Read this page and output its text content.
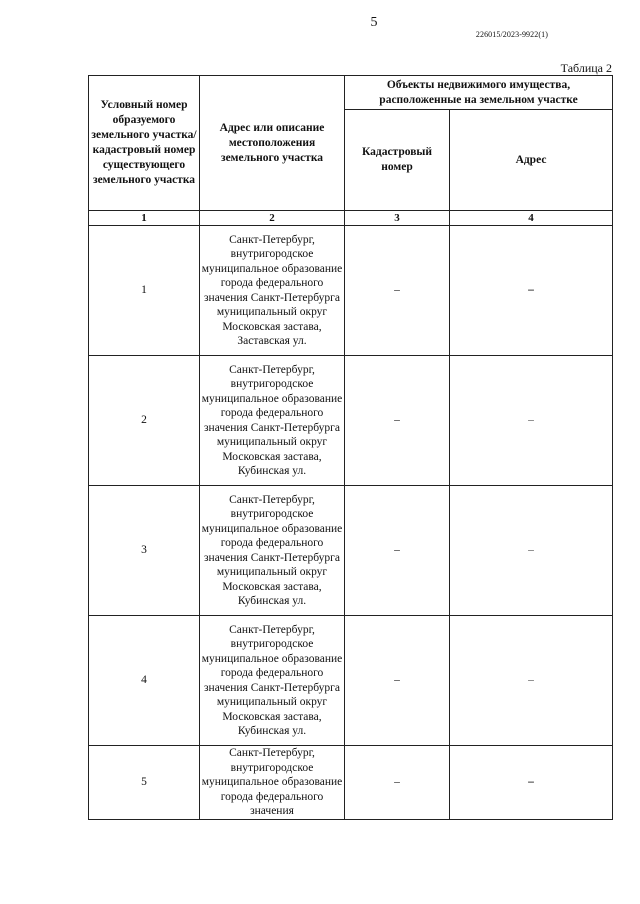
5
226015/2023-9922(1)
Таблица 2
Условный номер образуемого земельного участка/ кадастровый номер существующего земельного участка	Адрес или описание местоположения земельного участка	Объекты недвижимого имущества, расположенные на земельном участке	
		Кадастровый номер	Адрес
1	2	3	4
1	Санкт-Петербург, внутригородское муниципальное образование города федерального значения Санкт-Петербурга муниципальный округ Московская застава, Заставская ул.	–	–
2	Санкт-Петербург, внутригородское муниципальное образование города федерального значения Санкт-Петербурга муниципальный округ Московская застава, Кубинская ул.	–	–
3	Санкт-Петербург, внутригородское муниципальное образование города федерального значения Санкт-Петербурга муниципальный округ Московская застава, Кубинская ул.	–	–
4	Санкт-Петербург, внутригородское муниципальное образование города федерального значения Санкт-Петербурга муниципальный округ Московская застава, Кубинская ул.	–	–
5	Санкт-Петербург, внутригородское муниципальное образование города федерального значения	–	–
